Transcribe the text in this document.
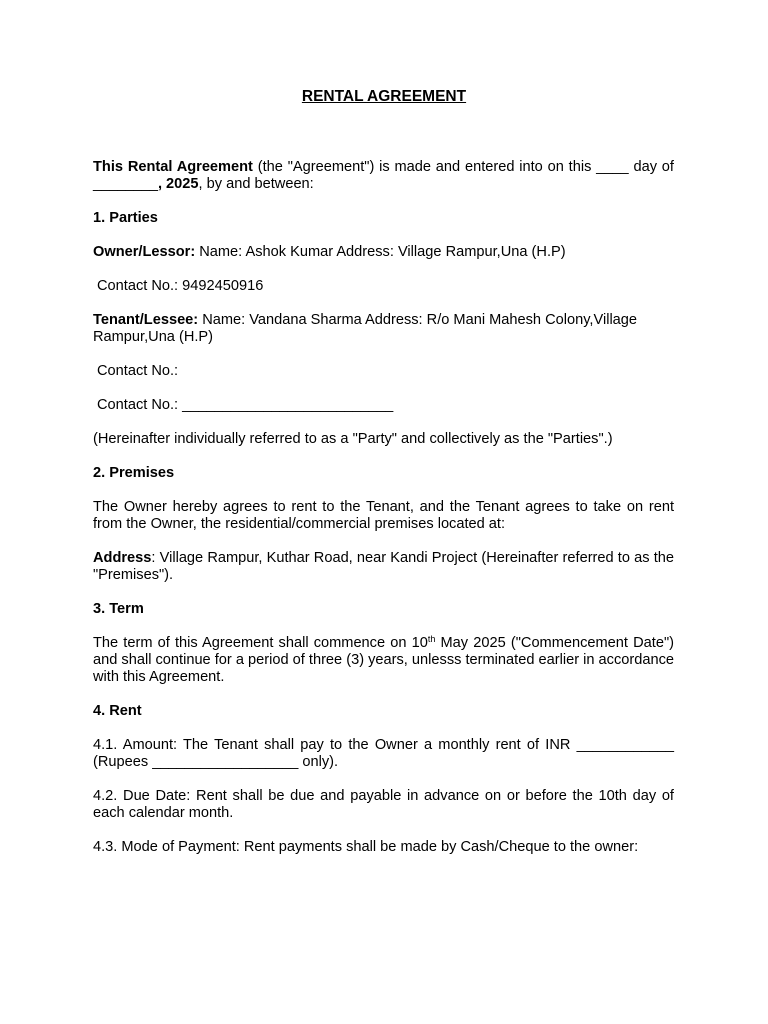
RENTAL AGREEMENT

This Rental Agreement (the "Agreement") is made and entered into on this ____ day of ________, 2025, by and between:

1. Parties

Owner/Lessor: Name: Ashok Kumar Address: Village Rampur,Una (H.P)

Contact No.: 9492450916

Tenant/Lessee: Name: Vandana Sharma Address: R/o Mani Mahesh Colony,Village Rampur,Una (H.P)

Contact No.:

Contact No.: __________________________

(Hereinafter individually referred to as a "Party" and collectively as the "Parties".)

2. Premises

The Owner hereby agrees to rent to the Tenant, and the Tenant agrees to take on rent from the Owner, the residential/commercial premises located at:

Address: Village Rampur, Kuthar Road, near Kandi Project (Hereinafter referred to as the "Premises").

3. Term

The term of this Agreement shall commence on 10th May 2025 ("Commencement Date") and shall continue for a period of three (3) years, unlesss terminated earlier in accordance with this Agreement.

4. Rent

4.1. Amount: The Tenant shall pay to the Owner a monthly rent of INR ____________ (Rupees __________________ only).

4.2. Due Date: Rent shall be due and payable in advance on or before the 10th day of each calendar month.

4.3. Mode of Payment: Rent payments shall be made by Cash/Cheque to the owner:
